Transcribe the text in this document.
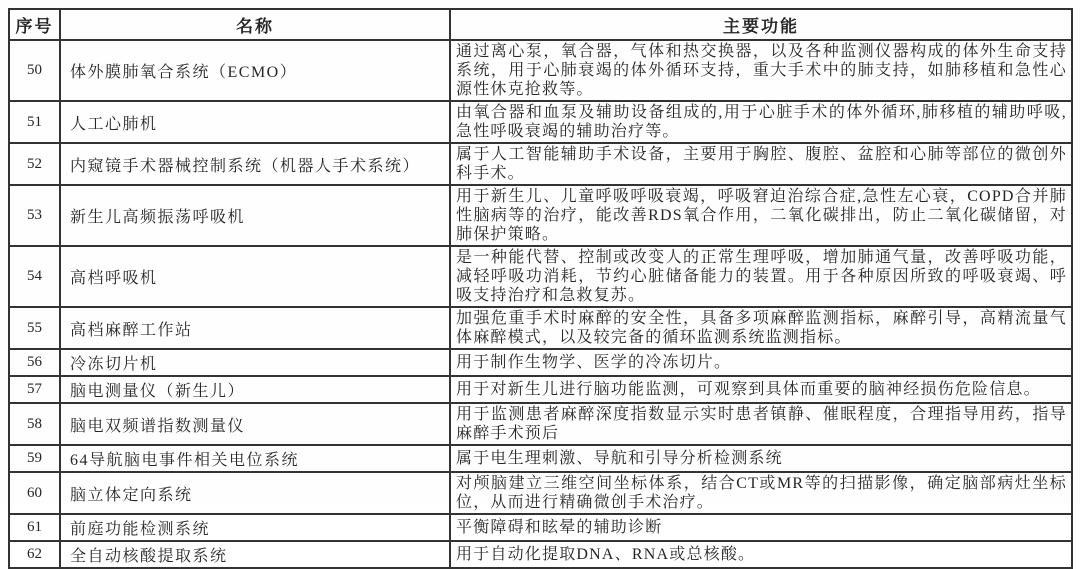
序号	名称	主要功能
50	体外膜肺氧合系统（ECMO）	通过离心泵，氧合器，气体和热交换器，以及各种监测仪器构成的体外生命支持系统，用于心肺衰竭的体外循环支持，重大手术中的肺支持，如肺移植和急性心源性休克抢救等。
51	人工心肺机	由氧合器和血泵及辅助设备组成的,用于心脏手术的体外循环,肺移植的辅助呼吸,急性呼吸衰竭的辅助治疗等。
52	内窥镜手术器械控制系统（机器人手术系统）	属于人工智能辅助手术设备，主要用于胸腔、腹腔、盆腔和心肺等部位的微创外科手术。
53	新生儿高频振荡呼吸机	用于新生儿、儿童呼吸呼吸衰竭，呼吸窘迫治综合症,急性左心衰，COPD合并肺性脑病等的治疗，能改善RDS氧合作用，二氧化碳排出，防止二氧化碳储留，对肺保护策略。
54	高档呼吸机	是一种能代替、控制或改变人的正常生理呼吸，增加肺通气量，改善呼吸功能，减轻呼吸功消耗，节约心脏储备能力的装置。用于各种原因所致的呼吸衰竭、呼吸支持治疗和急救复苏。
55	高档麻醉工作站	加强危重手术时麻醉的安全性，具备多项麻醉监测指标，麻醉引导，高精流量气体麻醉模式，以及较完备的循环监测系统监测指标。
56	冷冻切片机	用于制作生物学、医学的冷冻切片。
57	脑电测量仪（新生儿）	用于对新生儿进行脑功能监测，可观察到具体而重要的脑神经损伤危险信息。
58	脑电双频谱指数测量仪	用于监测患者麻醉深度指数显示实时患者镇静、催眠程度，合理指导用药，指导麻醉手术预后
59	64导航脑电事件相关电位系统	属于电生理刺激、导航和引导分析检测系统
60	脑立体定向系统	对颅脑建立三维空间坐标体系，结合CT或MR等的扫描影像，确定脑部病灶坐标位，从而进行精确微创手术治疗。
61	前庭功能检测系统	平衡障碍和眩晕的辅助诊断
62	全自动核酸提取系统	用于自动化提取DNA、RNA或总核酸。
